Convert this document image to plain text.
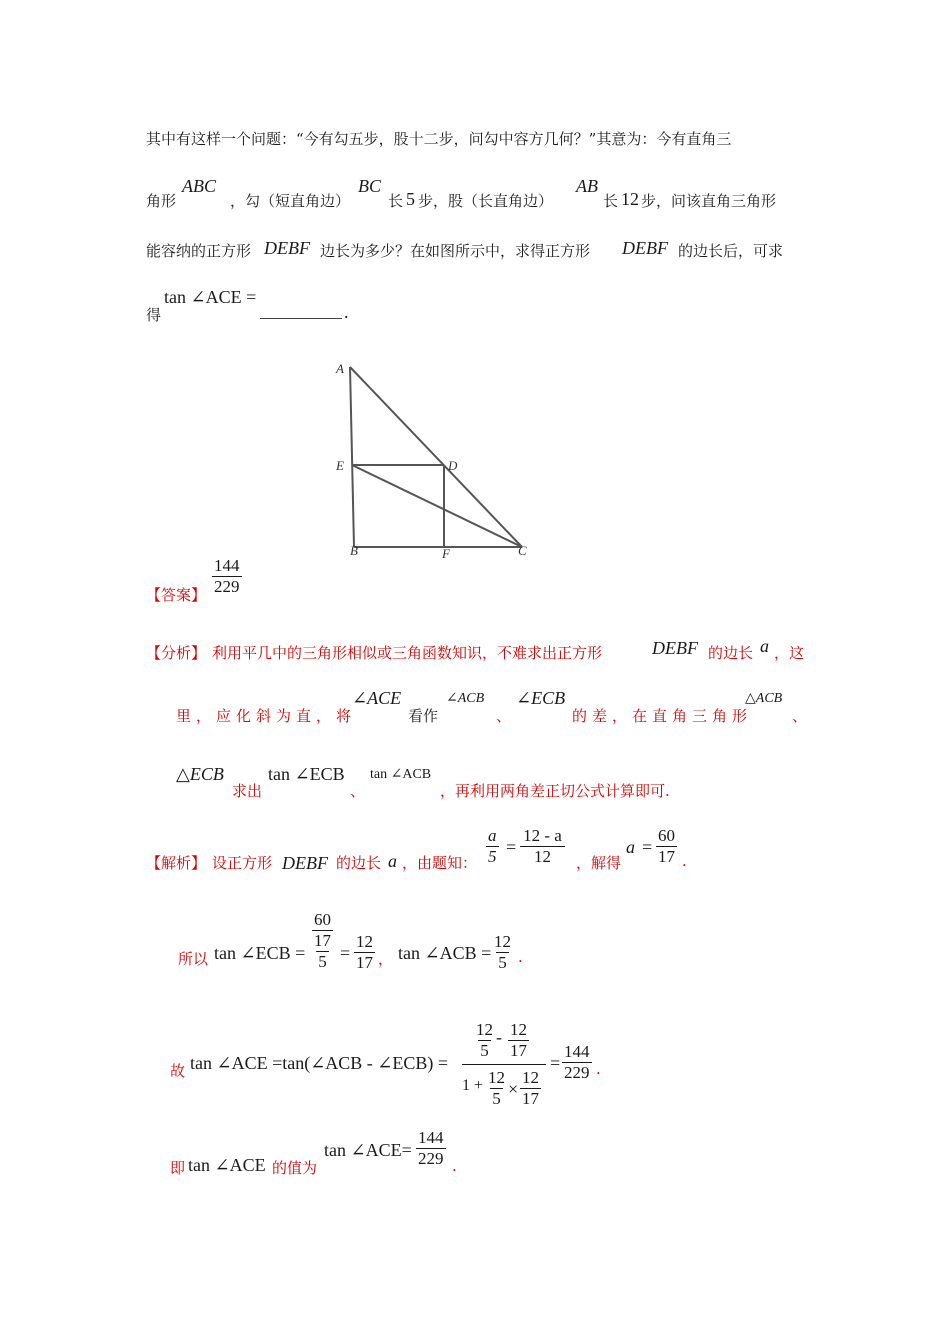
其中有这样一个问题：“今有勾五步，股十二步，问勾中容方几何？”其意为：今有直角三
角形
ABC
，勾（短直角边）
BC
长 5 步，股（长直角边）
AB
长 12 步，问该直角三角形
能容纳的正方形 DEBF 边长为多少？在如图所示中，求得正方形 DEBF 的边长后，可求
得
tan ∠ACE =
.
A
E	D
B	F	C
【答案】 $\frac{144}{229}$
【分析】 利用平几中的三角形相似或三角函数知识，不难求出正方形	DEBF 的边长 a ，这
里，应化斜为直，将
∠ACE
看作
∠ACB
、
∠ECB
的差，在直角三角形
△ACB
、
△ECB
求出
tan ∠ECB
、
tan ∠ACB
，再利用两角差正切公式计算即可.
【解析】 设正方形 DEBF 的边长 a ，由题知： $\frac{a}{5} = \frac{12 - a}{12}$ ，解得
$a = \frac{60}{17}$ .
所以 tan ∠ECB = $\frac{\frac{60}{17}}{5} = \frac{12}{17}$ ， tan ∠ACB = $\frac{12}{5}$ .
故 tan ∠ACE =tan(∠ACB - ∠ECB) =
$\frac{12}{5} - \frac{12}{17}$
$1 + \frac{12}{5} \times \frac{12}{17}$
= $\frac{144}{229}$ .
即 tan ∠ACE 的值为
tan ∠ACE= $\frac{144}{229}$ .
